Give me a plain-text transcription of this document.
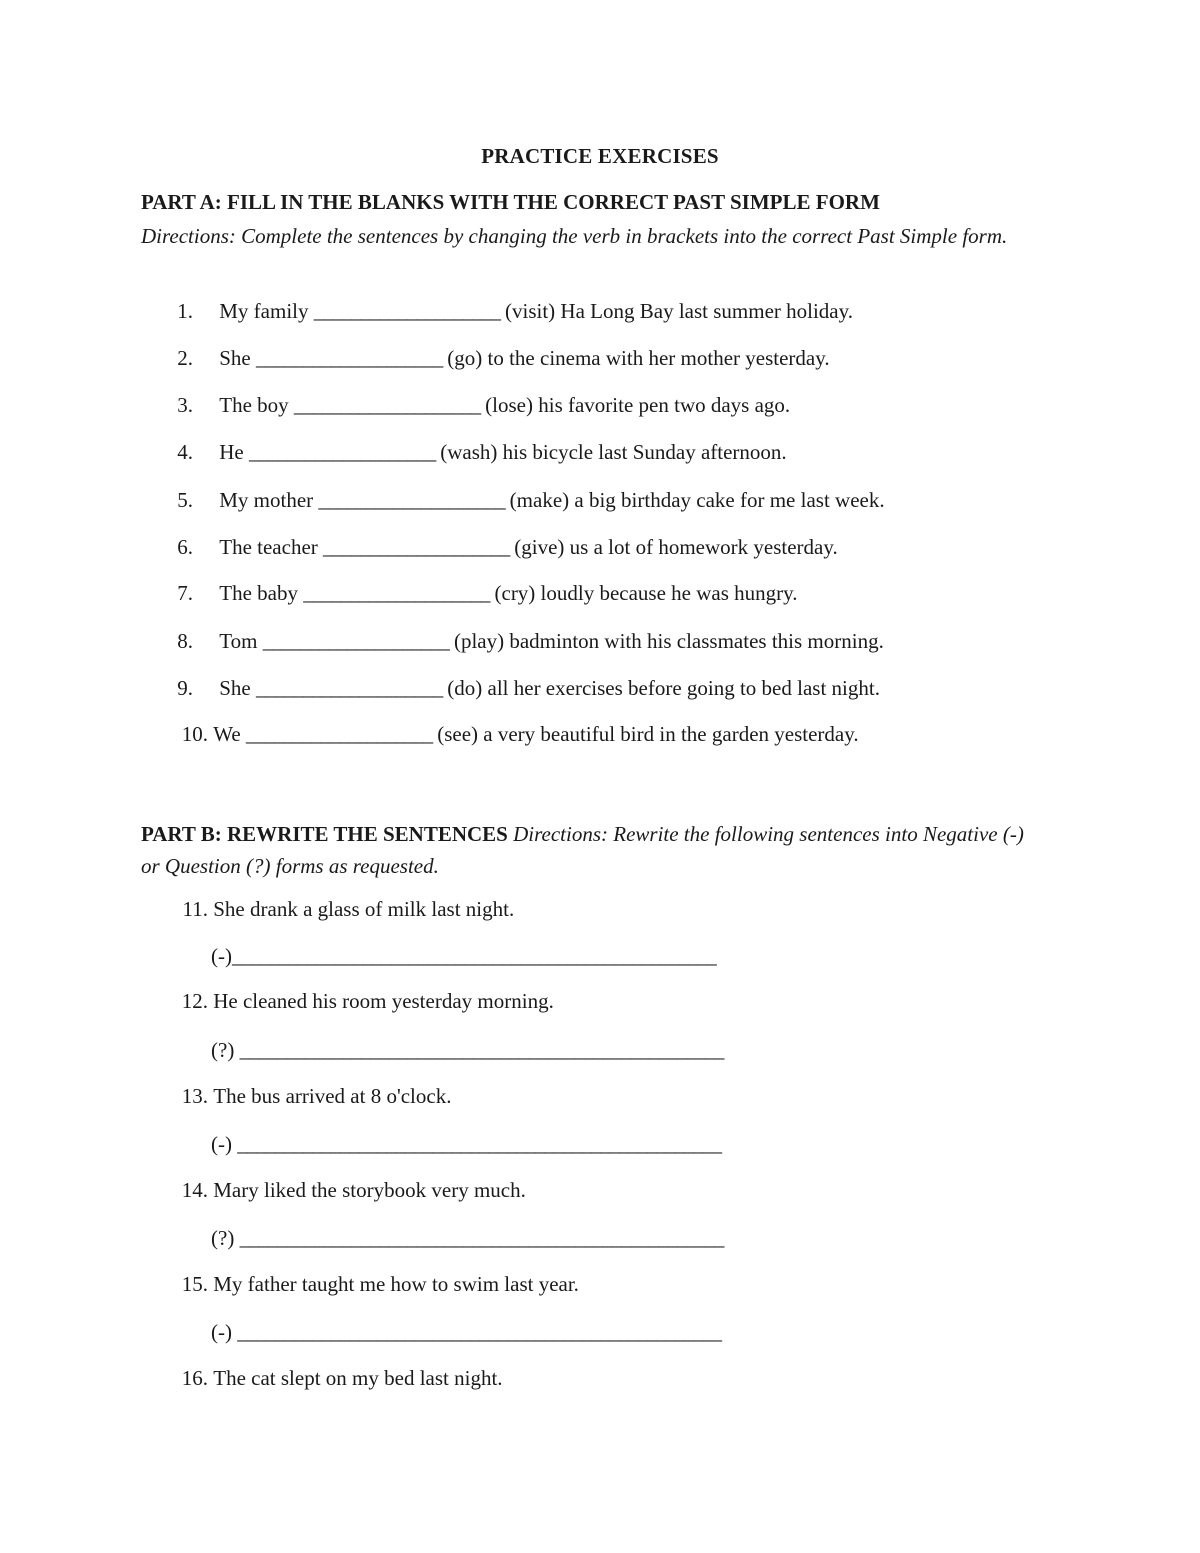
PRACTICE EXERCISES
PART A: FILL IN THE BLANKS WITH THE CORRECT PAST SIMPLE FORM
Directions: Complete the sentences by changing the verb in brackets into the correct Past Simple form.
1. My family ____________________ (visit) Ha Long Bay last summer holiday.
2. She ____________________ (go) to the cinema with her mother yesterday.
3. The boy ____________________ (lose) his favorite pen two days ago.
4. He ____________________ (wash) his bicycle last Sunday afternoon.
5. My mother ____________________ (make) a big birthday cake for me last week.
6. The teacher ____________________ (give) us a lot of homework yesterday.
7. The baby ____________________ (cry) loudly because he was hungry.
8. Tom ____________________ (play) badminton with his classmates this morning.
9. She ____________________ (do) all her exercises before going to bed last night.
10. We ____________________ (see) a very beautiful bird in the garden yesterday.
PART B: REWRITE THE SENTENCES Directions: Rewrite the following sentences into Negative (-) or Question (?) forms as requested.
11. She drank a glass of milk last night.
(-)____________________________________________________
12. He cleaned his room yesterday morning.
(?) ____________________________________________________
13. The bus arrived at 8 o'clock.
(-) ____________________________________________________
14. Mary liked the storybook very much.
(?) ____________________________________________________
15. My father taught me how to swim last year.
(-) ____________________________________________________
16. The cat slept on my bed last night.
